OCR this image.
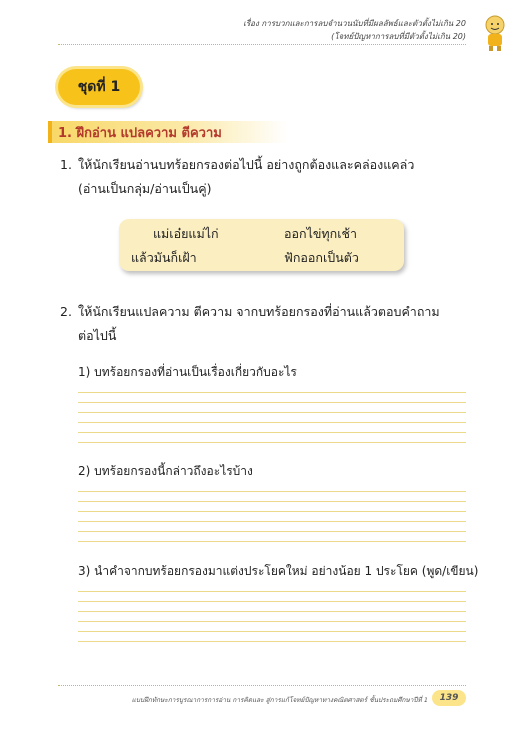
เรื่อง การบวกและการลบจำนวนนับที่มีผลลัพธ์และตัวตั้งไม่เกิน 20
(โจทย์ปัญหาการลบที่มีตัวตั้งไม่เกิน 20)
ชุดที่ 1
1. ฝึกอ่าน แปลความ ตีความ
1. ให้นักเรียนอ่านบทร้อยกรองต่อไปนี้ อย่างถูกต้องและคล่องแคล่ว
(อ่านเป็นกลุ่ม/อ่านเป็นคู่)
แม่เอ๋ยแม่ไก่	ออกไข่ทุกเช้า
แล้วมันก็เฝ้า	ฟักออกเป็นตัว
2. ให้นักเรียนแปลความ ตีความ จากบทร้อยกรองที่อ่านแล้วตอบคำถาม
ต่อไปนี้
1) บทร้อยกรองที่อ่านเป็นเรื่องเกี่ยวกับอะไร
2) บทร้อยกรองนี้กล่าวถึงอะไรบ้าง
3) นำคำจากบทร้อยกรองมาแต่งประโยคใหม่ อย่างน้อย 1 ประโยค (พูด/เขียน)
แบบฝึกทักษะการบูรณาการการอ่าน การคิดและ สู่การแก้โจทย์ปัญหาทางคณิตศาสตร์ ชั้นประถมศึกษาปีที่ 1 139
